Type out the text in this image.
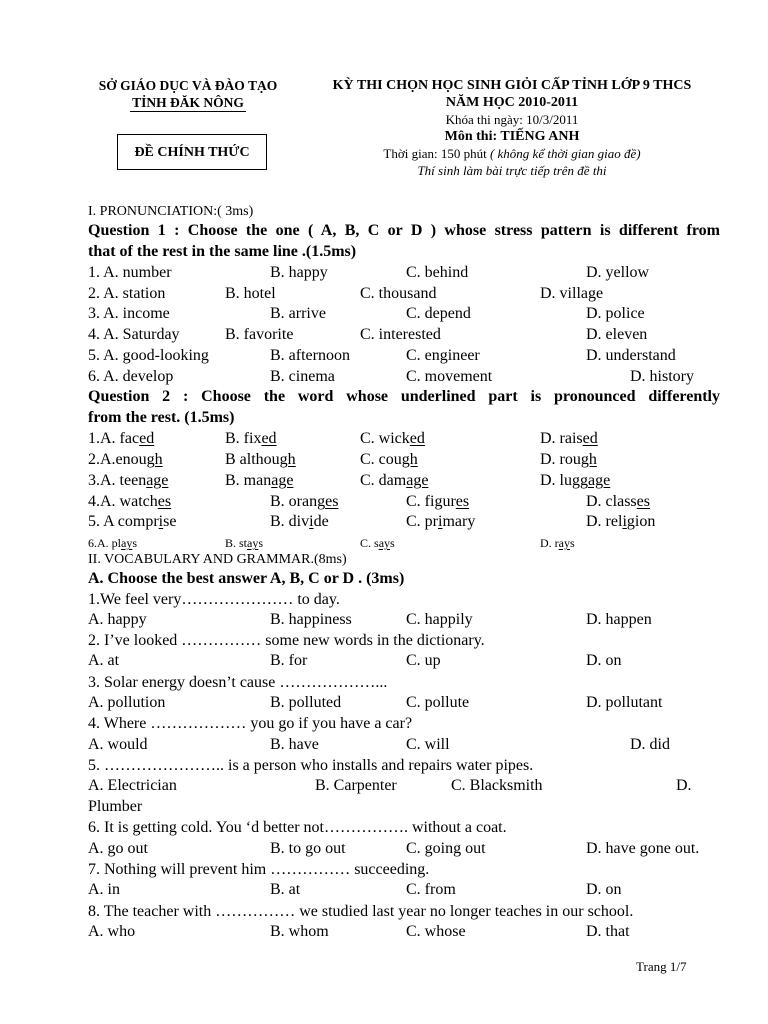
SỞ GIÁO DỤC VÀ ĐÀO TẠO
TỈNH ĐĂK NÔNG
KỲ THI CHỌN HỌC SINH GIỎI CẤP TỈNH LỚP 9 THCS
NĂM HỌC 2010-2011
Khóa thi ngày: 10/3/2011
Môn thi: TIẾNG ANH
Thời gian: 150 phút ( không kể thời gian giao đề)
Thí sinh làm bài trực tiếp trên đề thi
ĐỀ CHÍNH THỨC
I. PRONUNCIATION:( 3ms)
Question 1 : Choose the one ( A, B, C or D ) whose stress pattern is different from
that of the rest in the same line .(1.5ms)
1. A. number	B. happy	C. behind	D. yellow
2. A. station	B. hotel	C. thousand	D. village
3. A. income	B. arrive	C. depend	D. police
4. A. Saturday	B. favorite	C. interested	D. eleven
5. A. good-looking	B. afternoon	C. engineer	D. understand
6. A. develop	B. cinema	C. movement	D. history
Question 2 : Choose the word whose underlined part is pronounced differently
from the rest. (1.5ms)
1.A. faced	B. fixed	C. wicked	D. raised
2.A.enough	B although	C. cough	D. rough
3.A. teenage	B. manage	C. damage	D. luggage
4.A. watches	B. oranges	C. figures	D. classes
5. A comprise	B. divide	C. primary	D. religion
6.A. plays	B. stays	C. says	D. rays
II. VOCABULARY AND GRAMMAR.(8ms)
A. Choose the best answer A, B, C or D . (3ms)
1.We feel very………………… to day.
A. happy	B. happiness	C. happily	D. happen
2. I’ve looked …………… some new words in the dictionary.
A. at	B. for	C. up	D. on
3. Solar energy doesn’t cause ………………...
A. pollution	B. polluted	C. pollute	D. pollutant
4. Where ……………… you go if you have a car?
A. would	B. have	C. will	D. did
5. ………………….. is a person who installs and repairs water pipes.
A. Electrician	B. Carpenter	C. Blacksmith	D.
Plumber
6. It is getting cold. You ‘d better not……………. without a coat.
A. go out	B. to go out	C. going out	D. have gone out.
7. Nothing will prevent him …………… succeeding.
A. in	B. at	C. from	D. on
8. The teacher with …………… we studied last year no longer teaches in our school.
A. who	B. whom	C. whose	D. that
Trang 1/7
